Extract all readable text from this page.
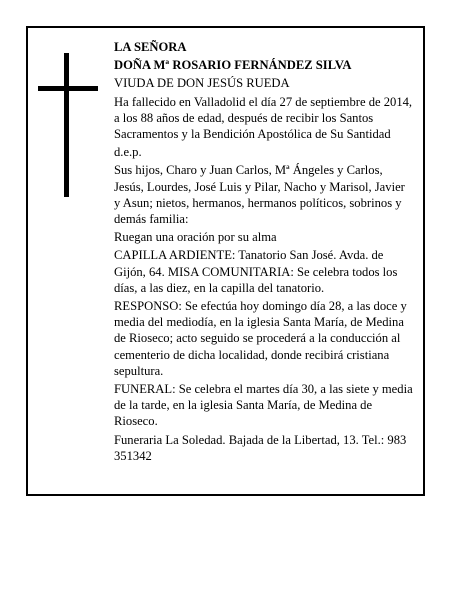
LA SEÑORA

DOÑA Mª ROSARIO FERNÁNDEZ SILVA

VIUDA DE DON JESÚS RUEDA

Ha fallecido en Valladolid el día 27 de septiembre de 2014, a los 88 años de edad, después de recibir los Santos Sacramentos y la Bendición Apostólica de Su Santidad

d.e.p.

Sus hijos, Charo y Juan Carlos, Mª Ángeles y Carlos, Jesús, Lourdes, José Luis y Pilar, Nacho y Marisol, Javier y Asun; nietos, hermanos, hermanos políticos, sobrinos y demás familia:

Ruegan una oración por su alma

CAPILLA ARDIENTE: Tanatorio San José. Avda. de Gijón, 64. MISA COMUNITARIA: Se celebra todos los días, a las diez, en la capilla del tanatorio.

RESPONSO: Se efectúa hoy domingo día 28, a las doce y media del mediodía, en la iglesia Santa María, de Medina de Rioseco; acto seguido se procederá a la conducción al cementerio de dicha localidad, donde recibirá cristiana sepultura.

FUNERAL: Se celebra el martes día 30, a las siete y media de la tarde, en la iglesia Santa María, de Medina de Rioseco.

Funeraria La Soledad. Bajada de la Libertad, 13. Tel.: 983 351342
